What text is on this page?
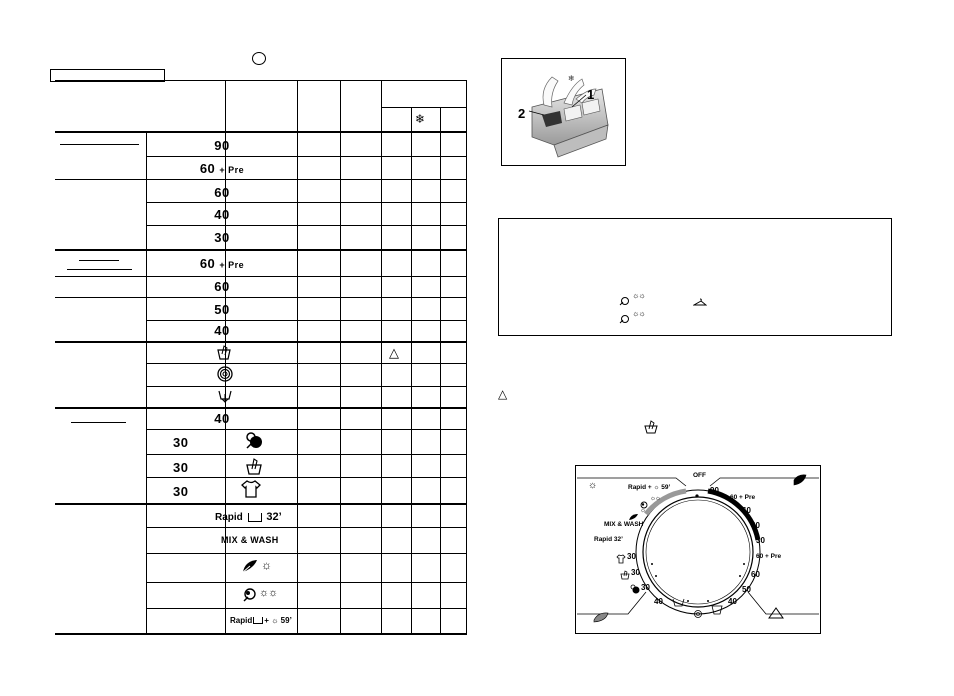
❄
△
90
60 + Pre
60
40
30
60 + Pre
60
50
40
40
30
30
30
Rapid 32’
MIX & WASH
☼
☼☼
Rapid + ☼ 59’
❄
1
2
☼☼
☼☼
△
☼
OFF
90
60 + Pre
60
40
30
60 + Pre
60
50
40
Rapid + ☼ 59’
☼☼
☼
MIX & WASH
Rapid 32’
30
30
30
40
